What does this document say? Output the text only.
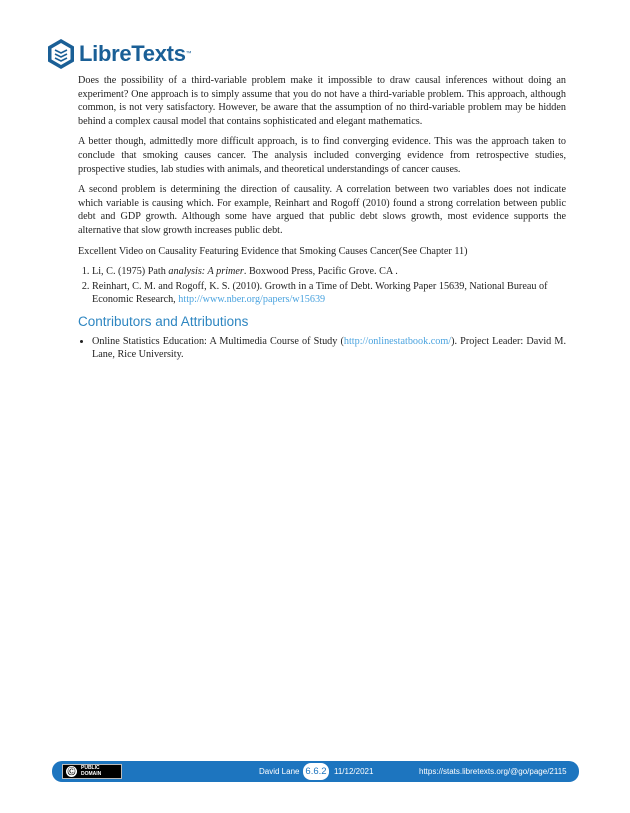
LibreTexts ™

Does the possibility of a third-variable problem make it impossible to draw causal inferences without doing an experiment? One approach is to simply assume that you do not have a third-variable problem. This approach, although common, is not very satisfactory. However, be aware that the assumption of no third-variable problem may be hidden behind a complex causal model that contains sophisticated and elegant mathematics.

A better though, admittedly more difficult approach, is to find converging evidence. This was the approach taken to conclude that smoking causes cancer. The analysis included converging evidence from retrospective studies, prospective studies, lab studies with animals, and theoretical understandings of cancer causes.

A second problem is determining the direction of causality. A correlation between two variables does not indicate which variable is causing which. For example, Reinhart and Rogoff (2010) found a strong correlation between public debt and GDP growth. Although some have argued that public debt slows growth, most evidence supports the alternative that slow growth increases public debt.

Excellent Video on Causality Featuring Evidence that Smoking Causes Cancer(See Chapter 11)

1. Li, C. (1975) Path analysis: A primer. Boxwood Press, Pacific Grove. CA .
2. Reinhart, C. M. and Rogoff, K. S. (2010). Growth in a Time of Debt. Working Paper 15639, National Bureau of Economic Research, http://www.nber.org/papers/w15639
Contributors and Attributions
• Online Statistics Education: A Multimedia Course of Study (http://onlinestatbook.com/). Project Leader: David M. Lane, Rice University.
Ⓒ	PUBLIC
DOMAIN	David Lane 6.6.2 11/12/2021	https://stats.libretexts.org/@go/page/2115
